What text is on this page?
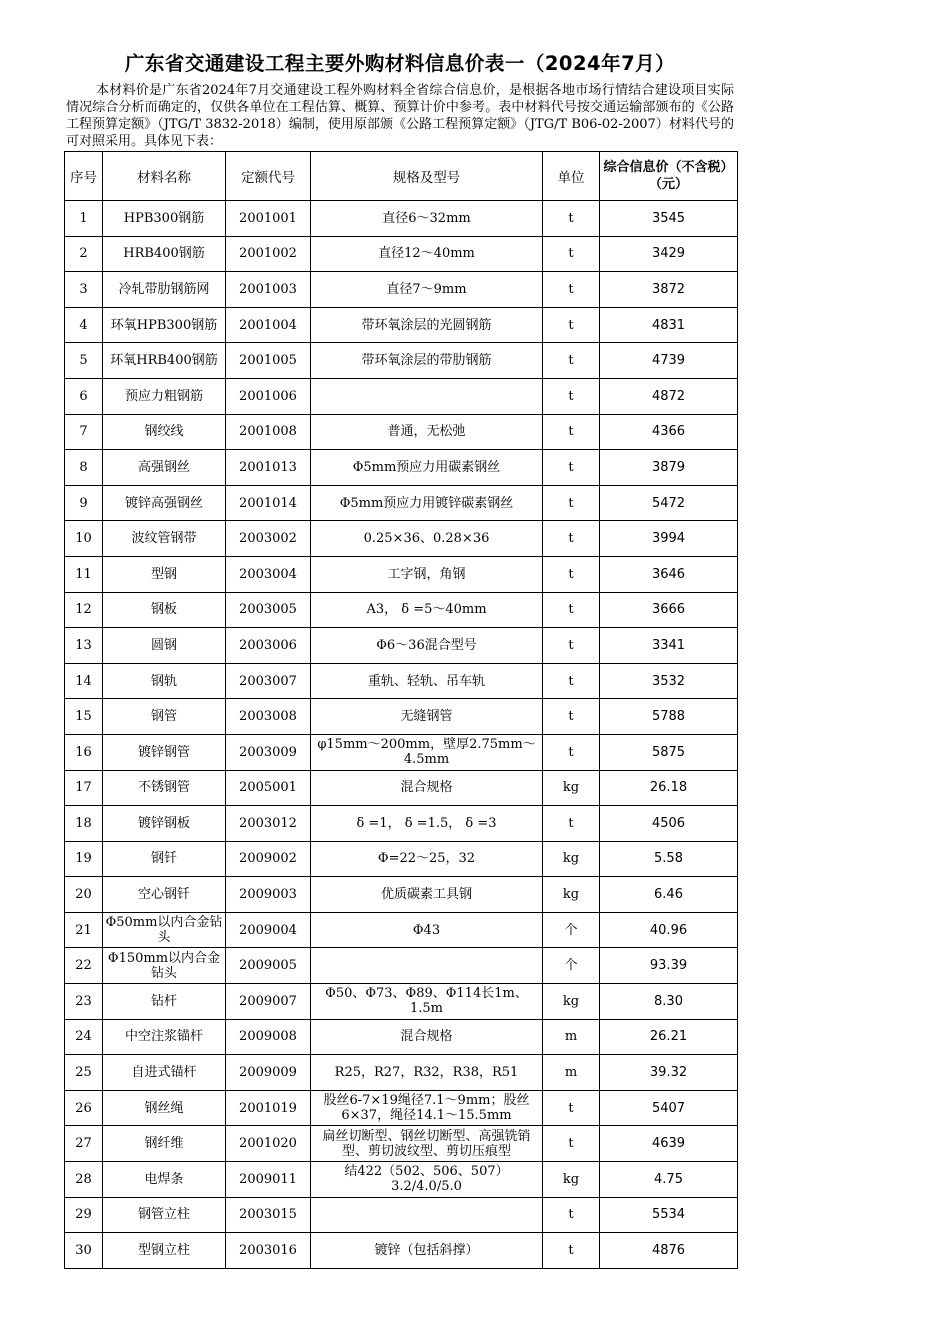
广东省交通建设工程主要外购材料信息价表一（2024年7月）
本材料价是广东省2024年7月交通建设工程外购材料全省综合信息价，是根据各地市场行情结合建设项目实际情况综合分析而确定的，仅供各单位在工程估算、概算、预算计价中参考。表中材料代号按交通运输部颁布的《公路工程预算定额》（JTG/T 3832-2018）编制，使用原部颁《公路工程预算定额》（JTG/T B06-02-2007）材料代号的可对照采用。具体见下表：
序号	材料名称	定额代号	规格及型号	单位	综合信息价（不含税）（元）
1	HPB300钢筋	2001001	直径6～32mm	t	3545
2	HRB400钢筋	2001002	直径12～40mm	t	3429
3	冷轧带肋钢筋网	2001003	直径7～9mm	t	3872
4	环氧HPB300钢筋	2001004	带环氧涂层的光圆钢筋	t	4831
5	环氧HRB400钢筋	2001005	带环氧涂层的带肋钢筋	t	4739
6	预应力粗钢筋	2001006		t	4872
7	钢绞线	2001008	普通，无松弛	t	4366
8	高强钢丝	2001013	Φ5mm预应力用碳素钢丝	t	3879
9	镀锌高强钢丝	2001014	Φ5mm预应力用镀锌碳素钢丝	t	5472
10	波纹管钢带	2003002	0.25×36、0.28×36	t	3994
11	型钢	2003004	工字钢，角钢	t	3646
12	钢板	2003005	A3， δ =5～40mm	t	3666
13	圆钢	2003006	Φ6～36混合型号	t	3341
14	钢轨	2003007	重轨、轻轨、吊车轨	t	3532
15	钢管	2003008	无缝钢管	t	5788
16	镀锌钢管	2003009	φ15mm～200mm，壁厚2.75mm～4.5mm	t	5875
17	不锈钢管	2005001	混合规格	kg	26.18
18	镀锌钢板	2003012	δ =1， δ =1.5， δ =3	t	4506
19	钢钎	2009002	Φ=22～25，32	kg	5.58
20	空心钢钎	2009003	优质碳素工具钢	kg	6.46
21	Φ50mm以内合金钻头	2009004	Φ43	个	40.96
22	Φ150mm以内合金钻头	2009005		个	93.39
23	钻杆	2009007	Φ50、Φ73、Φ89、Φ114长1m、1.5m	kg	8.30
24	中空注浆锚杆	2009008	混合规格	m	26.21
25	自进式锚杆	2009009	R25，R27，R32，R38，R51	m	39.32
26	钢丝绳	2001019	股丝6-7×19绳径7.1～9mm；股丝6×37，绳径14.1～15.5mm	t	5407
27	钢纤维	2001020	扁丝切断型、钢丝切断型、高强铣销型、剪切波纹型、剪切压痕型	t	4639
28	电焊条	2009011	结422（502、506、507）3.2/4.0/5.0	kg	4.75
29	钢管立柱	2003015		t	5534
30	型钢立柱	2003016	镀锌（包括斜撑）	t	4876
